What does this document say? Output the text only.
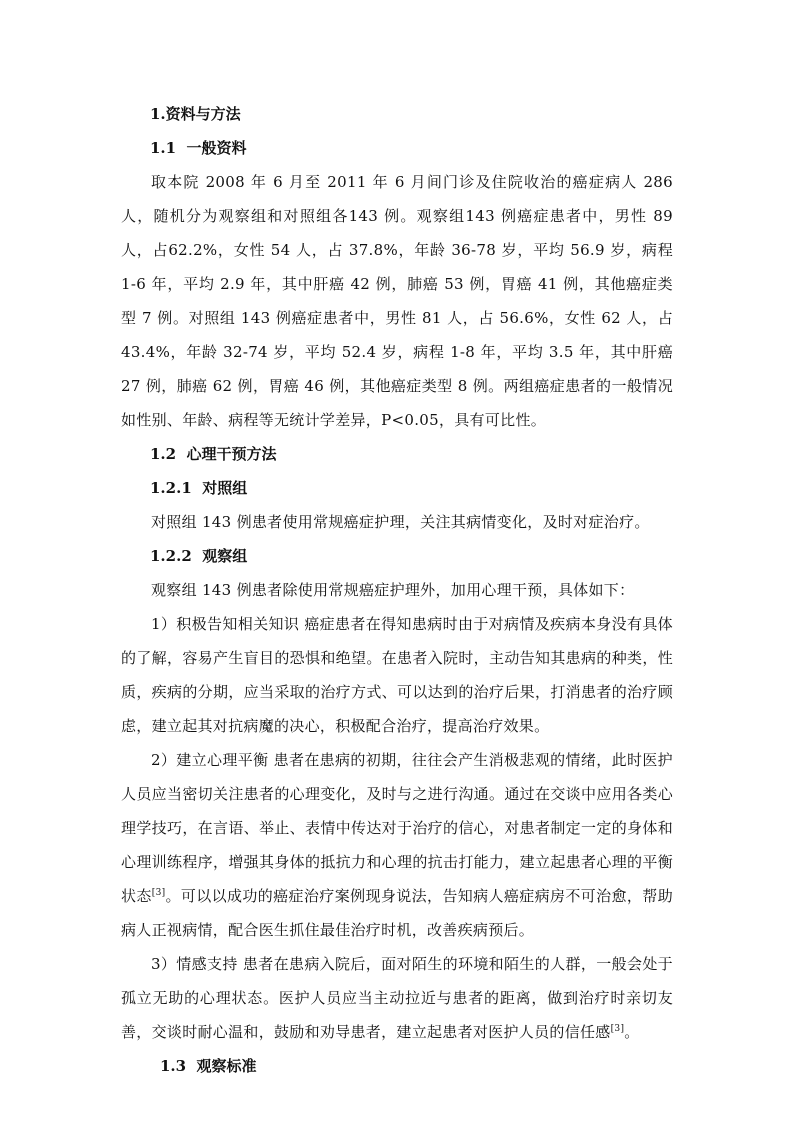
1.资料与方法

1.1  一般资料

取本院 2008 年 6 月至 2011 年 6 月间门诊及住院收治的癌症病人 286 人，随机分为观察组和对照组各143 例。观察组143 例癌症患者中，男性 89 人，占62.2%，女性 54 人，占 37.8%，年龄 36-78 岁，平均 56.9 岁，病程 1-6 年，平均 2.9 年，其中肝癌 42 例，肺癌 53 例，胃癌 41 例，其他癌症类型 7 例。对照组 143 例癌症患者中，男性 81 人，占 56.6%，女性 62 人，占 43.4%，年龄 32-74 岁，平均 52.4 岁，病程 1-8 年，平均 3.5 年，其中肝癌 27 例，肺癌 62 例，胃癌 46 例，其他癌症类型 8 例。两组癌症患者的一般情况如性别、年龄、病程等无统计学差异，P<0.05，具有可比性。

1.2  心理干预方法

1.2.1  对照组

对照组 143 例患者使用常规癌症护理，关注其病情变化，及时对症治疗。

1.2.2  观察组

观察组 143 例患者除使用常规癌症护理外，加用心理干预，具体如下：

1）积极告知相关知识 癌症患者在得知患病时由于对病情及疾病本身没有具体的了解，容易产生盲目的恐惧和绝望。在患者入院时，主动告知其患病的种类，性质，疾病的分期，应当采取的治疗方式、可以达到的治疗后果，打消患者的治疗顾虑，建立起其对抗病魔的决心，积极配合治疗，提高治疗效果。

2）建立心理平衡 患者在患病的初期，往往会产生消极悲观的情绪，此时医护人员应当密切关注患者的心理变化，及时与之进行沟通。通过在交谈中应用各类心理学技巧，在言语、举止、表情中传达对于治疗的信心，对患者制定一定的身体和心理训练程序，增强其身体的抵抗力和心理的抗击打能力，建立起患者心理的平衡状态[3]。可以以成功的癌症治疗案例现身说法，告知病人癌症病房不可治愈，帮助病人正视病情，配合医生抓住最佳治疗时机，改善疾病预后。

3）情感支持 患者在患病入院后，面对陌生的环境和陌生的人群，一般会处于孤立无助的心理状态。医护人员应当主动拉近与患者的距离，做到治疗时亲切友善，交谈时耐心温和，鼓励和劝导患者，建立起患者对医护人员的信任感[3]。

1.3  观察标准
